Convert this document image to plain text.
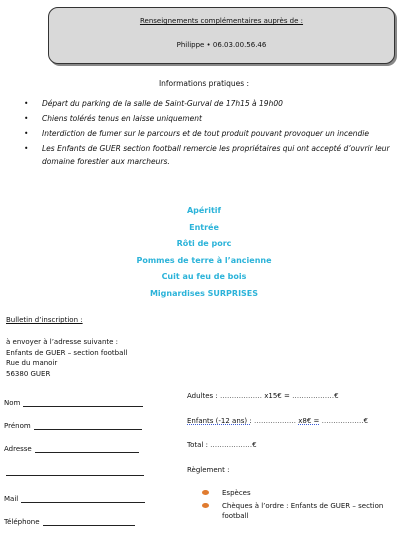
Renseignements complémentaires auprès de :
Philippe • 06.03.00.56.46
Informations pratiques :
• Départ du parking de la salle de Saint-Gurval de 17h15 à 19h00
• Chiens tolérés tenus en laisse uniquement
• Interdiction de fumer sur le parcours et de tout produit pouvant provoquer un incendie
• Les Enfants de GUER section football remercie les propriétaires qui ont accepté d’ouvrir leur domaine forestier aux marcheurs.
Apéritif
Entrée
Rôti de porc
Pommes de terre à l’ancienne
Cuit au feu de bois
Mignardises SURPRISES
Bulletin d’inscription :
à envoyer à l’adresse suivante :
Enfants de GUER – section football
Rue du manoir
56380 GUER
Nom
Prénom
Adresse
Mail
Téléphone
Adultes : ……………… x15€ = ………………€
Enfants (-12 ans) : ……………… x8€ = ………………€
Total : ………………€
Règlement :
Espèces
Chèques à l’ordre : Enfants de GUER – section football
